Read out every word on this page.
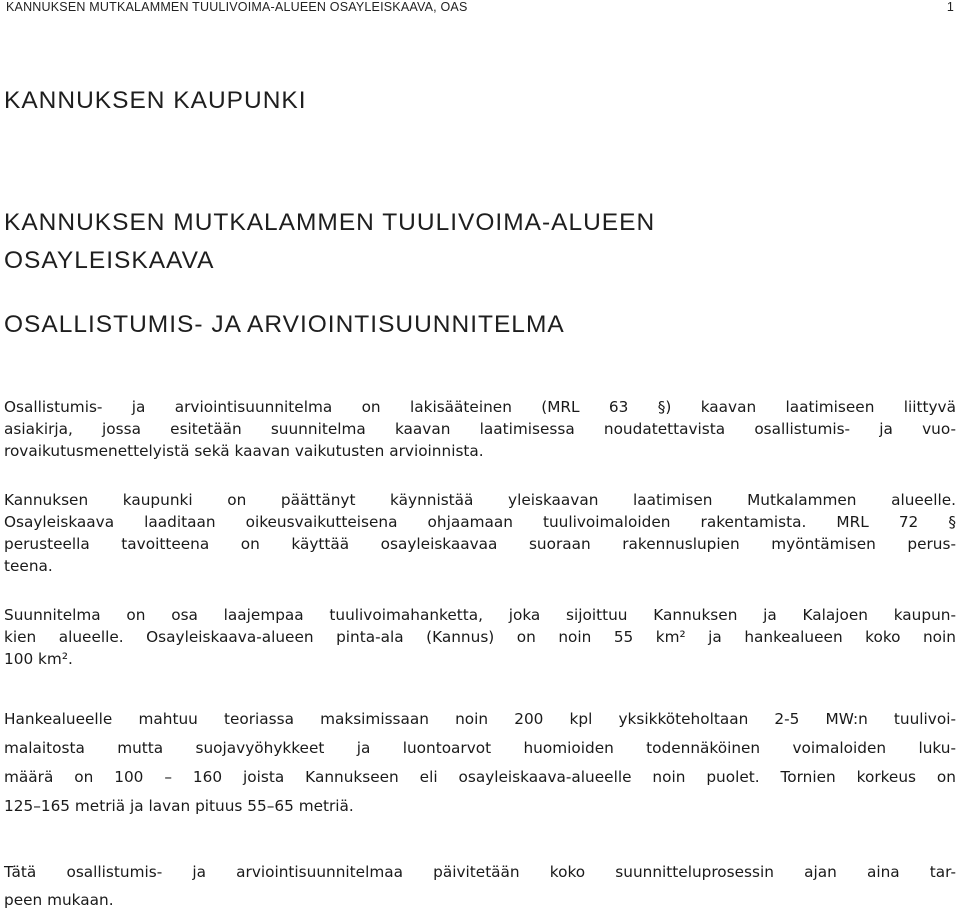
KANNUKSEN MUTKALAMMEN TUULIVOIMA-ALUEEN OSAYLEISKAAVA, OAS	1
KANNUKSEN KAUPUNKI
KANNUKSEN MUTKALAMMEN TUULIVOIMA-ALUEEN
OSAYLEISKAAVA
OSALLISTUMIS- JA ARVIOINTISUUNNITELMA

Osallistumis- ja arviointisuunnitelma on lakisääteinen (MRL 63 §) kaavan laatimiseen liittyvä
asiakirja, jossa esitetään suunnitelma kaavan laatimisessa noudatettavista osallistumis- ja vuo-
rovaikutusmenettelyistä sekä kaavan vaikutusten arvioinnista.

Kannuksen kaupunki on päättänyt käynnistää yleiskaavan laatimisen Mutkalammen alueelle.
Osayleiskaava laaditaan oikeusvaikutteisena ohjaamaan tuulivoimaloiden rakentamista. MRL 72 §
perusteella tavoitteena on käyttää osayleiskaavaa suoraan rakennuslupien myöntämisen perus-
teena.

Suunnitelma on osa laajempaa tuulivoimahanketta, joka sijoittuu Kannuksen ja Kalajoen kaupun-
kien alueelle. Osayleiskaava-alueen pinta-ala (Kannus) on noin 55 km² ja hankealueen koko noin
100 km².

Hankealueelle mahtuu teoriassa maksimissaan noin 200 kpl yksikköteholtaan 2-5 MW:n tuulivoi-
malaitosta mutta suojavyöhykkeet ja luontoarvot huomioiden todennäköinen voimaloiden luku-
määrä on 100 – 160 joista Kannukseen eli osayleiskaava-alueelle noin puolet. Tornien korkeus on
125–165 metriä ja lavan pituus 55–65 metriä.

Tätä osallistumis- ja arviointisuunnitelmaa päivitetään koko suunnitteluprosessin ajan aina tar-
peen mukaan.
